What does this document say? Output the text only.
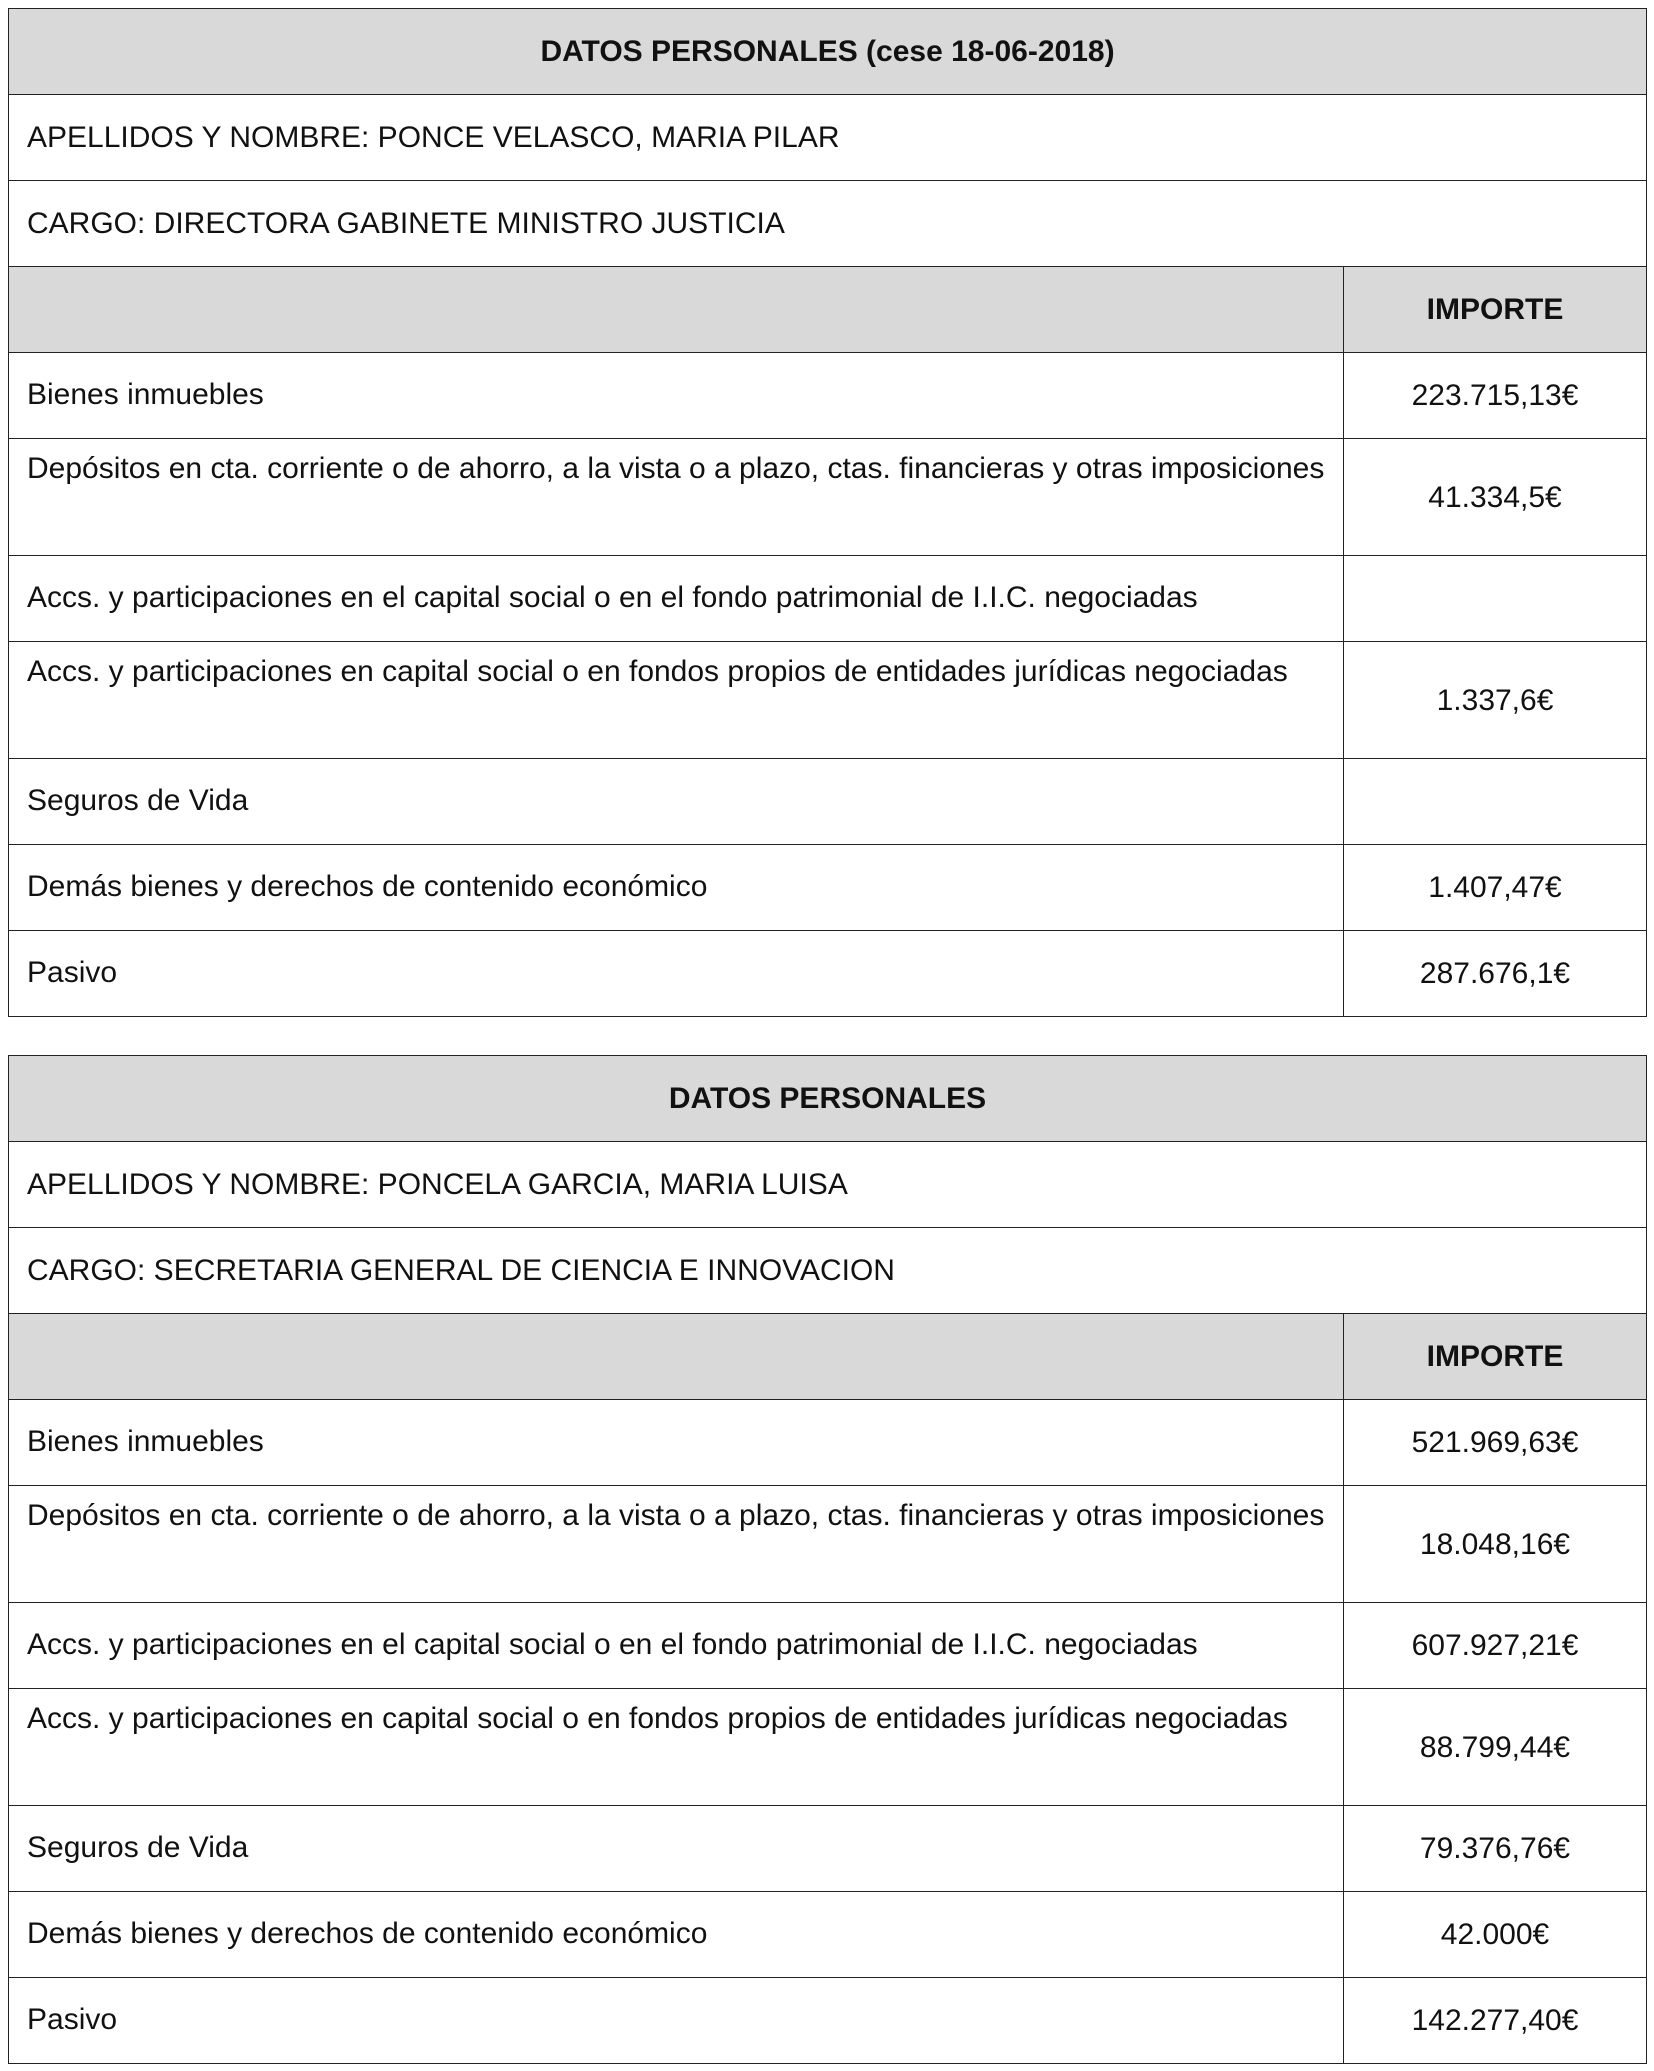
DATOS PERSONALES (cese 18-06-2018)	
APELLIDOS Y NOMBRE: PONCE VELASCO, MARIA PILAR	
CARGO: DIRECTORA GABINETE MINISTRO JUSTICIA	
	IMPORTE
Bienes inmuebles	223.715,13€
Depósitos en cta. corriente o de ahorro, a la vista o a plazo, ctas. financieras y otras imposiciones	41.334,5€
Accs. y participaciones en el capital social o en el fondo patrimonial de I.I.C. negociadas	
Accs. y participaciones en capital social o en fondos propios de entidades jurídicas negociadas	1.337,6€
Seguros de Vida	
Demás bienes y derechos de contenido económico	1.407,47€
Pasivo	287.676,1€
DATOS PERSONALES	
APELLIDOS Y NOMBRE: PONCELA GARCIA, MARIA LUISA	
CARGO: SECRETARIA GENERAL DE CIENCIA E INNOVACION	
	IMPORTE
Bienes inmuebles	521.969,63€
Depósitos en cta. corriente o de ahorro, a la vista o a plazo, ctas. financieras y otras imposiciones	18.048,16€
Accs. y participaciones en el capital social o en el fondo patrimonial de I.I.C. negociadas	607.927,21€
Accs. y participaciones en capital social o en fondos propios de entidades jurídicas negociadas	88.799,44€
Seguros de Vida	79.376,76€
Demás bienes y derechos de contenido económico	42.000€
Pasivo	142.277,40€
